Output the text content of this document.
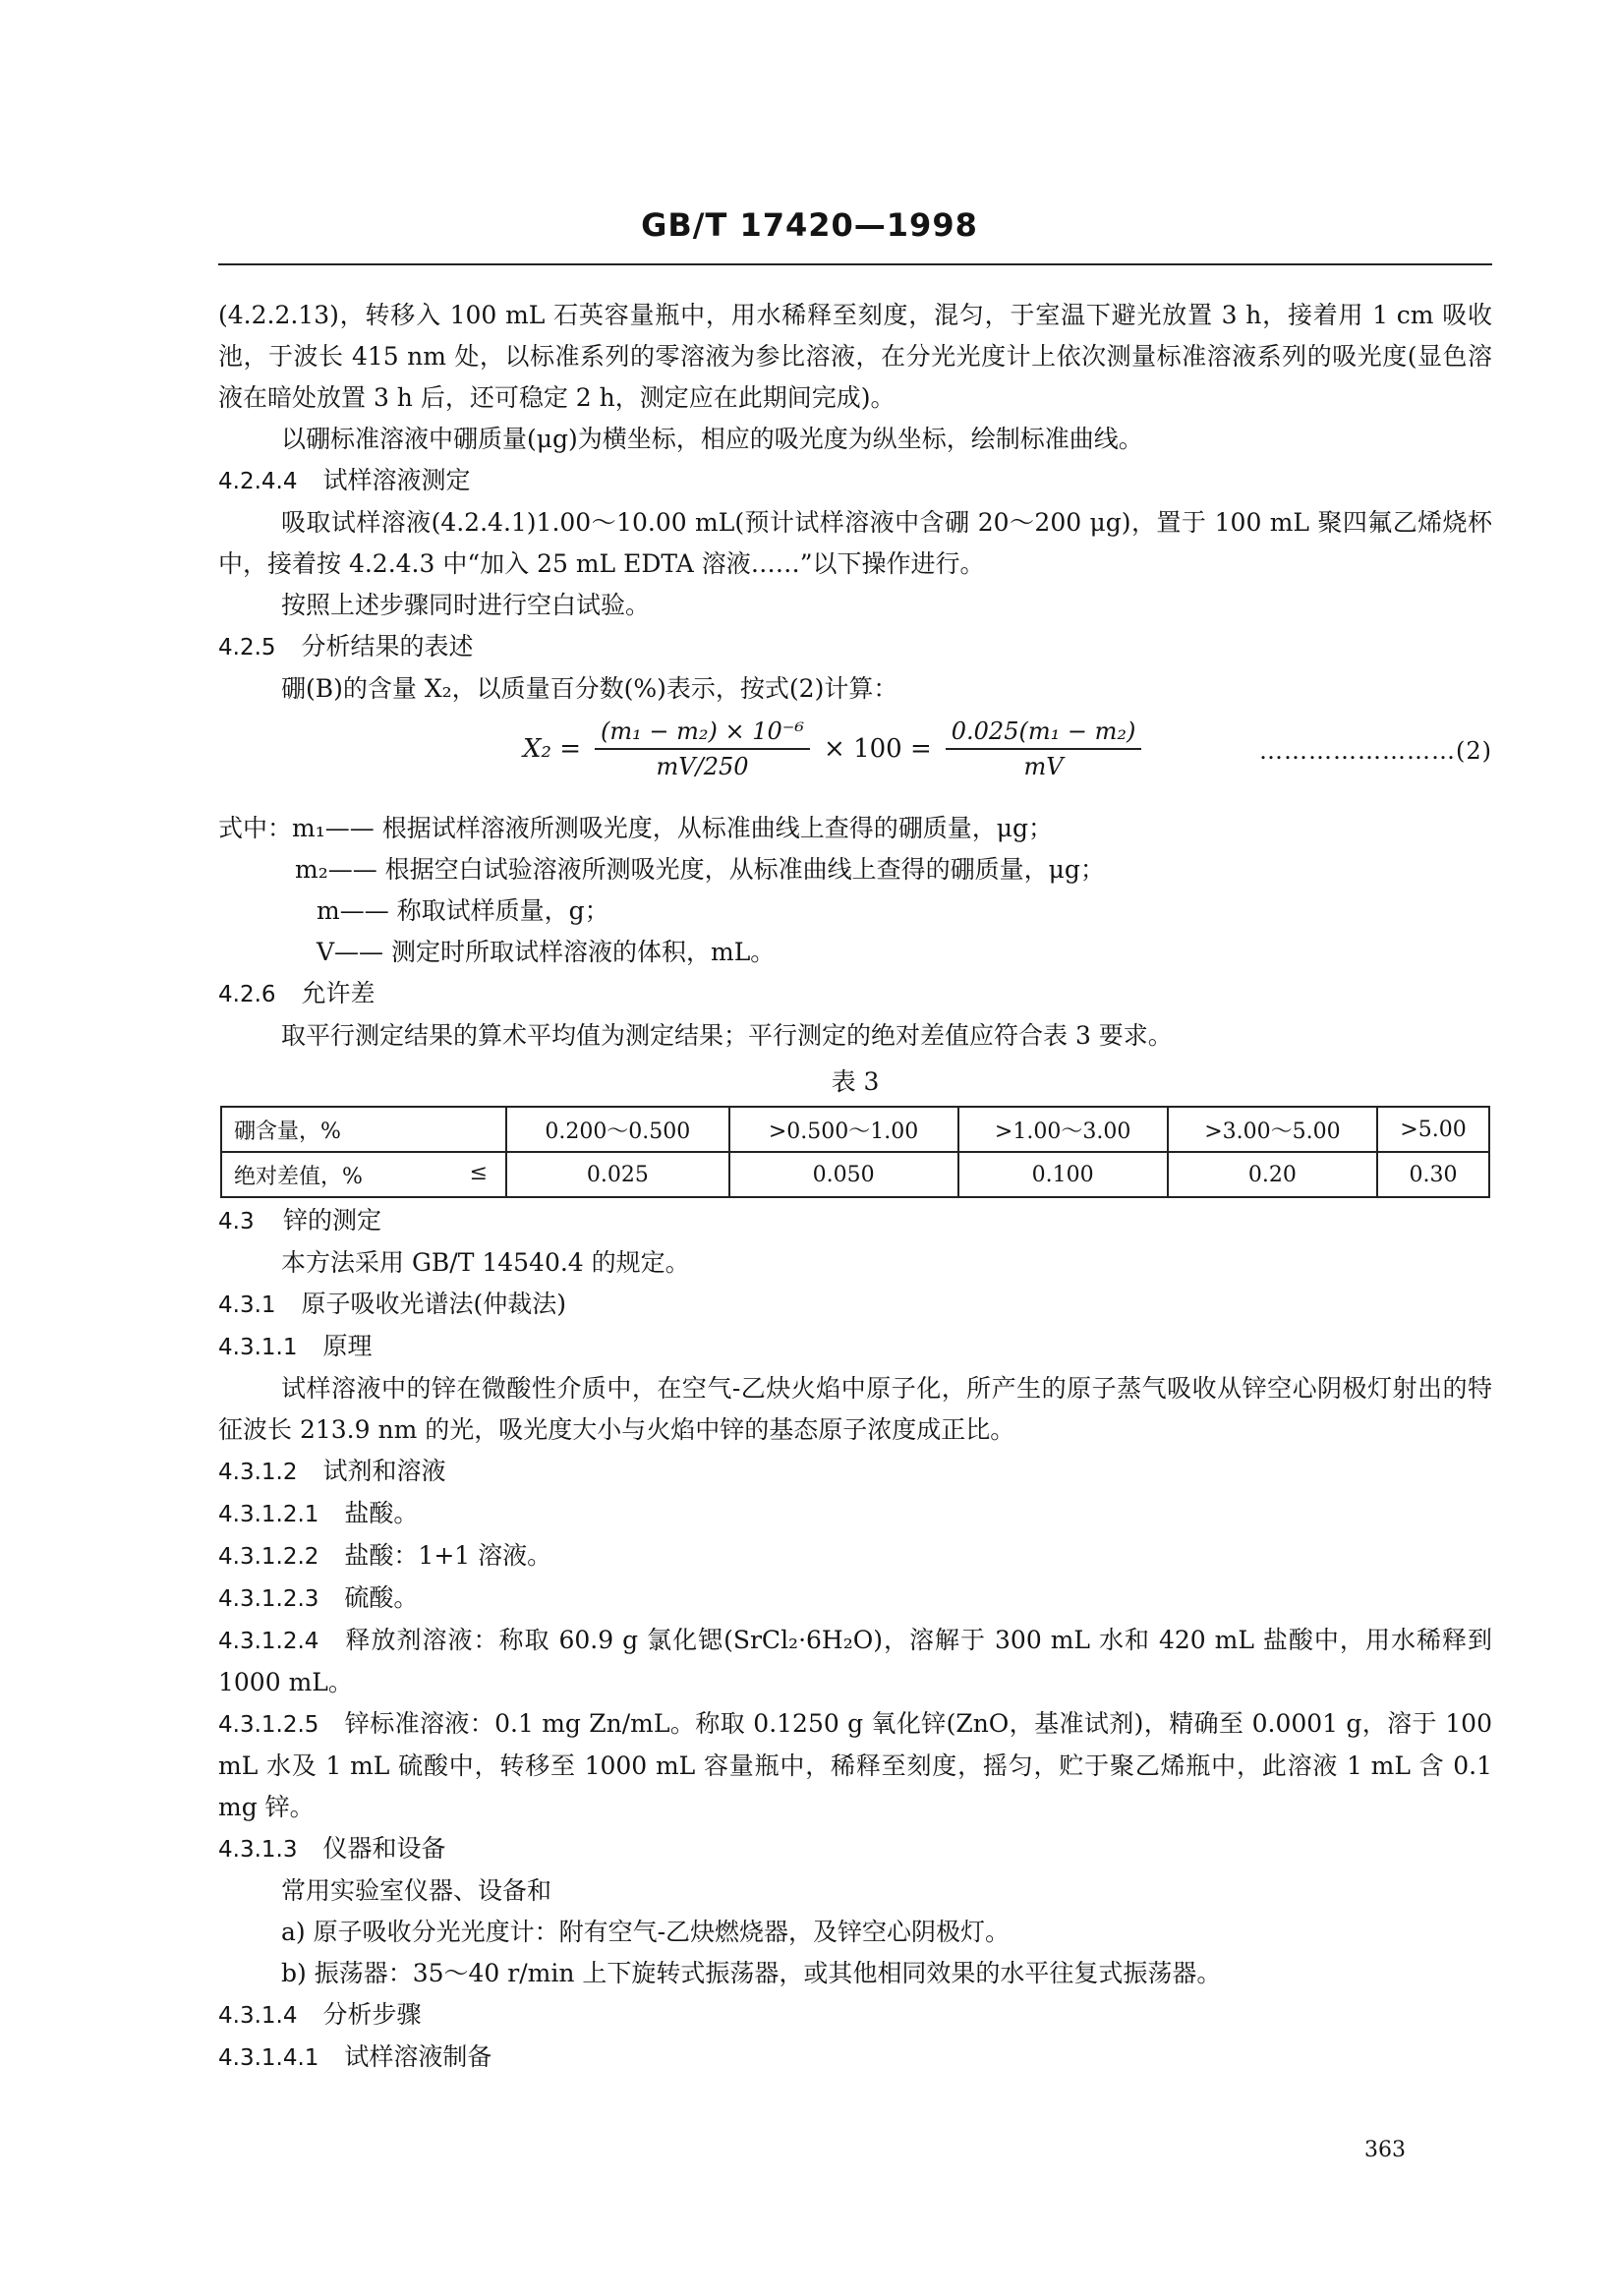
GB/T 17420—1998

(4.2.2.13)，转移入 100 mL 石英容量瓶中，用水稀释至刻度，混匀，于室温下避光放置 3 h，接着用 1 cm 吸收池，于波长 415 nm 处，以标准系列的零溶液为参比溶液，在分光光度计上依次测量标准溶液系列的吸光度(显色溶液在暗处放置 3 h 后，还可稳定 2 h，测定应在此期间完成)。

以硼标准溶液中硼质量(μg)为横坐标，相应的吸光度为纵坐标，绘制标准曲线。

4.2.4.4 试样溶液测定

吸取试样溶液(4.2.4.1)1.00～10.00 mL(预计试样溶液中含硼 20～200 μg)，置于 100 mL 聚四氟乙烯烧杯中，接着按 4.2.4.3 中“加入 25 mL EDTA 溶液……”以下操作进行。

按照上述步骤同时进行空白试验。

4.2.5 分析结果的表述

硼(B)的含量 X₂，以质量百分数(%)表示，按式(2)计算：

$X_2 = \frac{\text{(m₁ − m₂) × 10⁻⁶}}{mV/250} \times 100 = \frac{\text{0.025(m₁ − m₂)}}{mV}$	……………………(2)

式中：m₁—— 根据试样溶液所测吸光度，从标准曲线上查得的硼质量，μg；

m₂—— 根据空白试验溶液所测吸光度，从标准曲线上查得的硼质量，μg；

m—— 称取试样质量，g；

V—— 测定时所取试样溶液的体积，mL。

4.2.6 允许差

取平行测定结果的算术平均值为测定结果；平行测定的绝对差值应符合表 3 要求。

表 3

硼含量，%	0.200～0.500	>0.500～1.00	>1.00～3.00	>3.00～5.00	>5.00
绝对差值，% ≤	0.025	0.050	0.100	0.20	0.30

4.3 锌的测定

本方法采用 GB/T 14540.4 的规定。

4.3.1 原子吸收光谱法(仲裁法)

4.3.1.1 原理

试样溶液中的锌在微酸性介质中，在空气-乙炔火焰中原子化，所产生的原子蒸气吸收从锌空心阴极灯射出的特征波长 213.9 nm 的光，吸光度大小与火焰中锌的基态原子浓度成正比。

4.3.1.2 试剂和溶液

4.3.1.2.1 盐酸。

4.3.1.2.2 盐酸：1+1 溶液。

4.3.1.2.3 硫酸。

4.3.1.2.4 释放剂溶液：称取 60.9 g 氯化锶(SrCl₂·6H₂O)，溶解于 300 mL 水和 420 mL 盐酸中，用水稀释到 1000 mL。

4.3.1.2.5 锌标准溶液：0.1 mg Zn/mL。称取 0.1250 g 氧化锌(ZnO，基准试剂)，精确至 0.0001 g，溶于 100 mL 水及 1 mL 硫酸中，转移至 1000 mL 容量瓶中，稀释至刻度，摇匀，贮于聚乙烯瓶中，此溶液 1 mL 含 0.1 mg 锌。

4.3.1.3 仪器和设备

常用实验室仪器、设备和

a) 原子吸收分光光度计：附有空气-乙炔燃烧器，及锌空心阴极灯。

b) 振荡器：35～40 r/min 上下旋转式振荡器，或其他相同效果的水平往复式振荡器。

4.3.1.4 分析步骤

4.3.1.4.1 试样溶液制备

363
